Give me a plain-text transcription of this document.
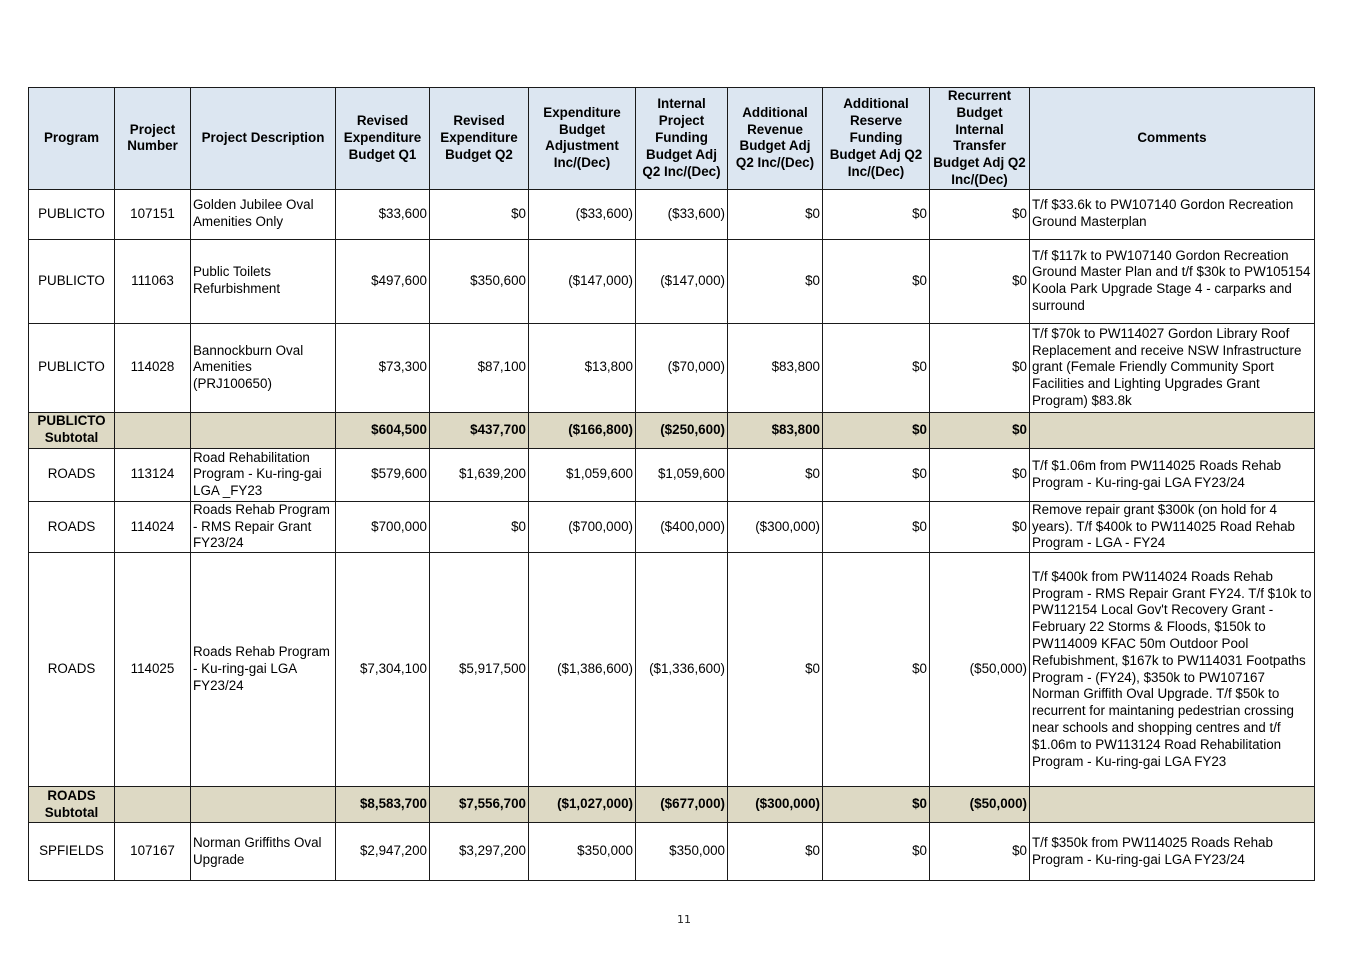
Program	Project Number	Project Description	Revised Expenditure Budget Q1	Revised Expenditure Budget Q2	Expenditure Budget Adjustment Inc/(Dec)	Internal Project Funding Budget Adj Q2 Inc/(Dec)	Additional Revenue Budget Adj Q2 Inc/(Dec)	Additional Reserve Funding Budget Adj Q2 Inc/(Dec)	Recurrent Budget Internal Transfer Budget Adj Q2 Inc/(Dec)	Comments
PUBLICTO	107151	Golden Jubilee Oval Amenities Only	$33,600	$0	($33,600)	($33,600)	$0	$0	$0	T/f $33.6k to PW107140 Gordon Recreation Ground Masterplan
PUBLICTO	111063	Public Toilets Refurbishment	$497,600	$350,600	($147,000)	($147,000)	$0	$0	$0	T/f $117k to PW107140 Gordon Recreation Ground Master Plan and t/f $30k to PW105154 Koola Park Upgrade Stage 4 - carparks and surround
PUBLICTO	114028	Bannockburn Oval Amenities (PRJ100650)	$73,300	$87,100	$13,800	($70,000)	$83,800	$0	$0	T/f $70k to PW114027 Gordon Library Roof Replacement and receive NSW Infrastructure grant (Female Friendly Community Sport Facilities and Lighting Upgrades Grant Program) $83.8k
PUBLICTO Subtotal			$604,500	$437,700	($166,800)	($250,600)	$83,800	$0	$0	
ROADS	113124	Road Rehabilitation Program - Ku-ring-gai LGA _FY23	$579,600	$1,639,200	$1,059,600	$1,059,600	$0	$0	$0	T/f $1.06m from PW114025 Roads Rehab Program - Ku-ring-gai LGA FY23/24
ROADS	114024	Roads Rehab Program - RMS Repair Grant FY23/24	$700,000	$0	($700,000)	($400,000)	($300,000)	$0	$0	Remove repair grant $300k (on hold for 4 years). T/f $400k to PW114025 Road Rehab Program - LGA - FY24
ROADS	114025	Roads Rehab Program - Ku-ring-gai LGA FY23/24	$7,304,100	$5,917,500	($1,386,600)	($1,336,600)	$0	$0	($50,000)	T/f $400k from PW114024 Roads Rehab Program - RMS Repair Grant FY24. T/f $10k to PW112154 Local Gov't Recovery Grant - February 22 Storms & Floods, $150k to PW114009 KFAC 50m Outdoor Pool Refubishment, $167k to PW114031 Footpaths Program - (FY24), $350k to PW107167 Norman Griffith Oval Upgrade. T/f $50k to recurrent for maintaning pedestrian crossing near schools and shopping centres and t/f $1.06m to PW113124 Road Rehabilitation Program - Ku-ring-gai LGA FY23
ROADS Subtotal			$8,583,700	$7,556,700	($1,027,000)	($677,000)	($300,000)	$0	($50,000)	
SPFIELDS	107167	Norman Griffiths Oval Upgrade	$2,947,200	$3,297,200	$350,000	$350,000	$0	$0	$0	T/f $350k from PW114025 Roads Rehab Program - Ku-ring-gai LGA FY23/24
11
